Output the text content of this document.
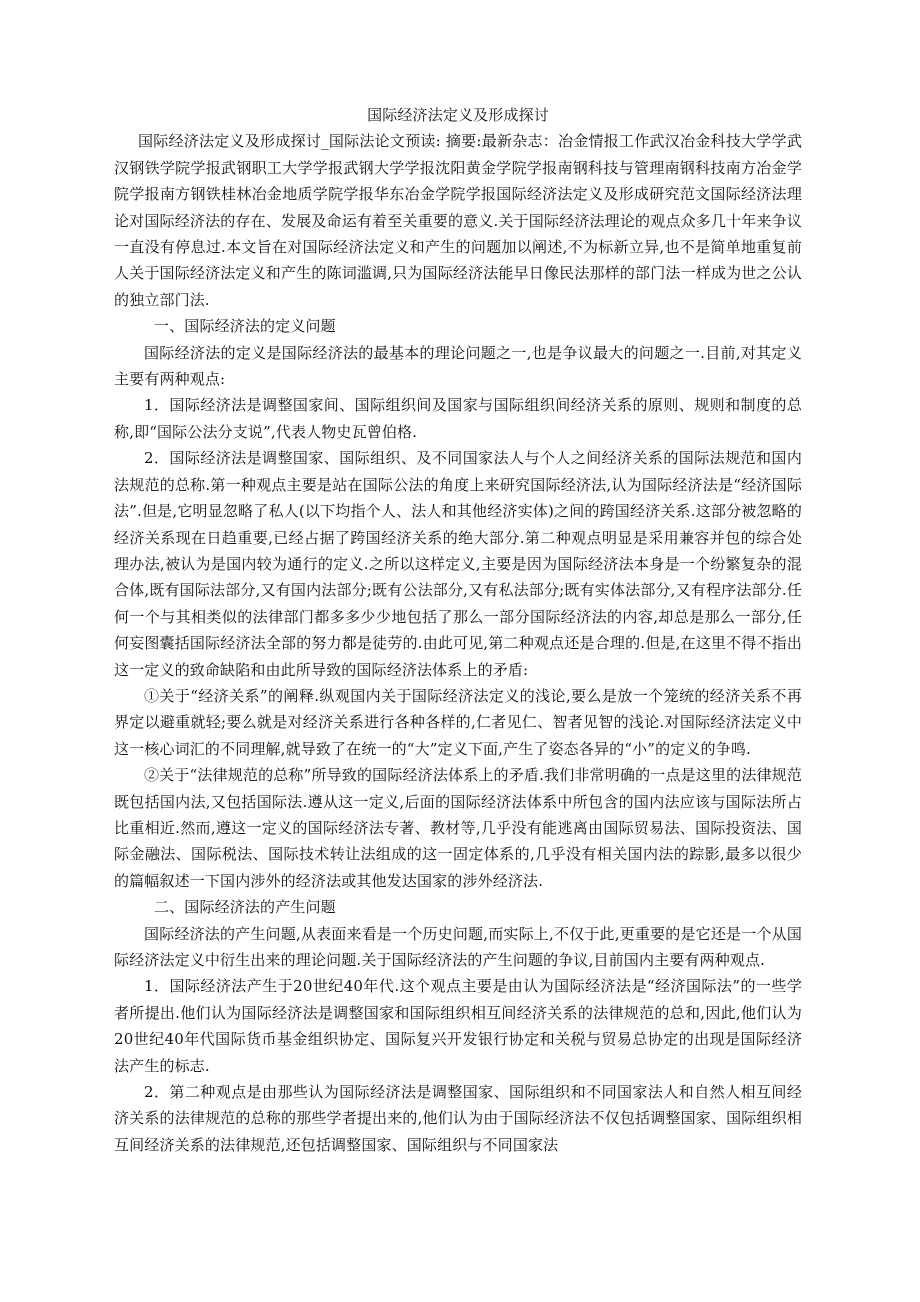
国际经济法定义及形成探讨

国际经济法定义及形成探讨_国际法论文预读: 摘要:最新杂志：冶金情报工作武汉冶金科技大学学武汉钢铁学院学报武钢职工大学学报武钢大学学报沈阳黄金学院学报南钢科技与管理南钢科技南方冶金学院学报南方钢铁桂林冶金地质学院学报华东冶金学院学报国际经济法定义及形成研究范文国际经济法理论对国际经济法的存在、发展及命运有着至关重要的意义.关于国际经济法理论的观点众多几十年来争议一直没有停息过.本文旨在对国际经济法定义和产生的问题加以阐述,不为标新立异,也不是简单地重复前人关于国际经济法定义和产生的陈词滥调,只为国际经济法能早日像民法那样的部门法一样成为世之公认的独立部门法.

一、国际经济法的定义问题

国际经济法的定义是国际经济法的最基本的理论问题之一,也是争议最大的问题之一.目前,对其定义主要有两种观点:

1．国际经济法是调整国家间、国际组织间及国家与国际组织间经济关系的原则、规则和制度的总称,即“国际公法分支说”,代表人物史瓦曾伯格.

2．国际经济法是调整国家、国际组织、及不同国家法人与个人之间经济关系的国际法规范和国内法规范的总称.第一种观点主要是站在国际公法的角度上来研究国际经济法,认为国际经济法是“经济国际法”.但是,它明显忽略了私人(以下均指个人、法人和其他经济实体)之间的跨国经济关系.这部分被忽略的经济关系现在日趋重要,已经占据了跨国经济关系的绝大部分.第二种观点明显是采用兼容并包的综合处理办法,被认为是国内较为通行的定义.之所以这样定义,主要是因为国际经济法本身是一个纷繁复杂的混合体,既有国际法部分,又有国内法部分;既有公法部分,又有私法部分;既有实体法部分,又有程序法部分.任何一个与其相类似的法律部门都多多少少地包括了那么一部分国际经济法的内容,却总是那么一部分,任何妄图囊括国际经济法全部的努力都是徒劳的.由此可见,第二种观点还是合理的.但是,在这里不得不指出这一定义的致命缺陷和由此所导致的国际经济法体系上的矛盾:

①关于“经济关系”的阐释.纵观国内关于国际经济法定义的浅论,要么是放一个笼统的经济关系不再界定以避重就轻;要么就是对经济关系进行各种各样的,仁者见仁、智者见智的浅论.对国际经济法定义中这一核心词汇的不同理解,就导致了在统一的“大”定义下面,产生了姿态各异的“小”的定义的争鸣.

②关于“法律规范的总称”所导致的国际经济法体系上的矛盾.我们非常明确的一点是这里的法律规范既包括国内法,又包括国际法.遵从这一定义,后面的国际经济法体系中所包含的国内法应该与国际法所占比重相近.然而,遵这一定义的国际经济法专著、教材等,几乎没有能逃离由国际贸易法、国际投资法、国际金融法、国际税法、国际技术转让法组成的这一固定体系的,几乎没有相关国内法的踪影,最多以很少的篇幅叙述一下国内涉外的经济法或其他发达国家的涉外经济法.

二、国际经济法的产生问题

国际经济法的产生问题,从表面来看是一个历史问题,而实际上,不仅于此,更重要的是它还是一个从国际经济法定义中衍生出来的理论问题.关于国际经济法的产生问题的争议,目前国内主要有两种观点.

1．国际经济法产生于20世纪40年代.这个观点主要是由认为国际经济法是“经济国际法”的一些学者所提出.他们认为国际经济法是调整国家和国际组织相互间经济关系的法律规范的总和,因此,他们认为20世纪40年代国际货币基金组织协定、国际复兴开发银行协定和关税与贸易总协定的出现是国际经济法产生的标志.

2．第二种观点是由那些认为国际经济法是调整国家、国际组织和不同国家法人和自然人相互间经济关系的法律规范的总称的那些学者提出来的,他们认为由于国际经济法不仅包括调整国家、国际组织相互间经济关系的法律规范,还包括调整国家、国际组织与不同国家法
